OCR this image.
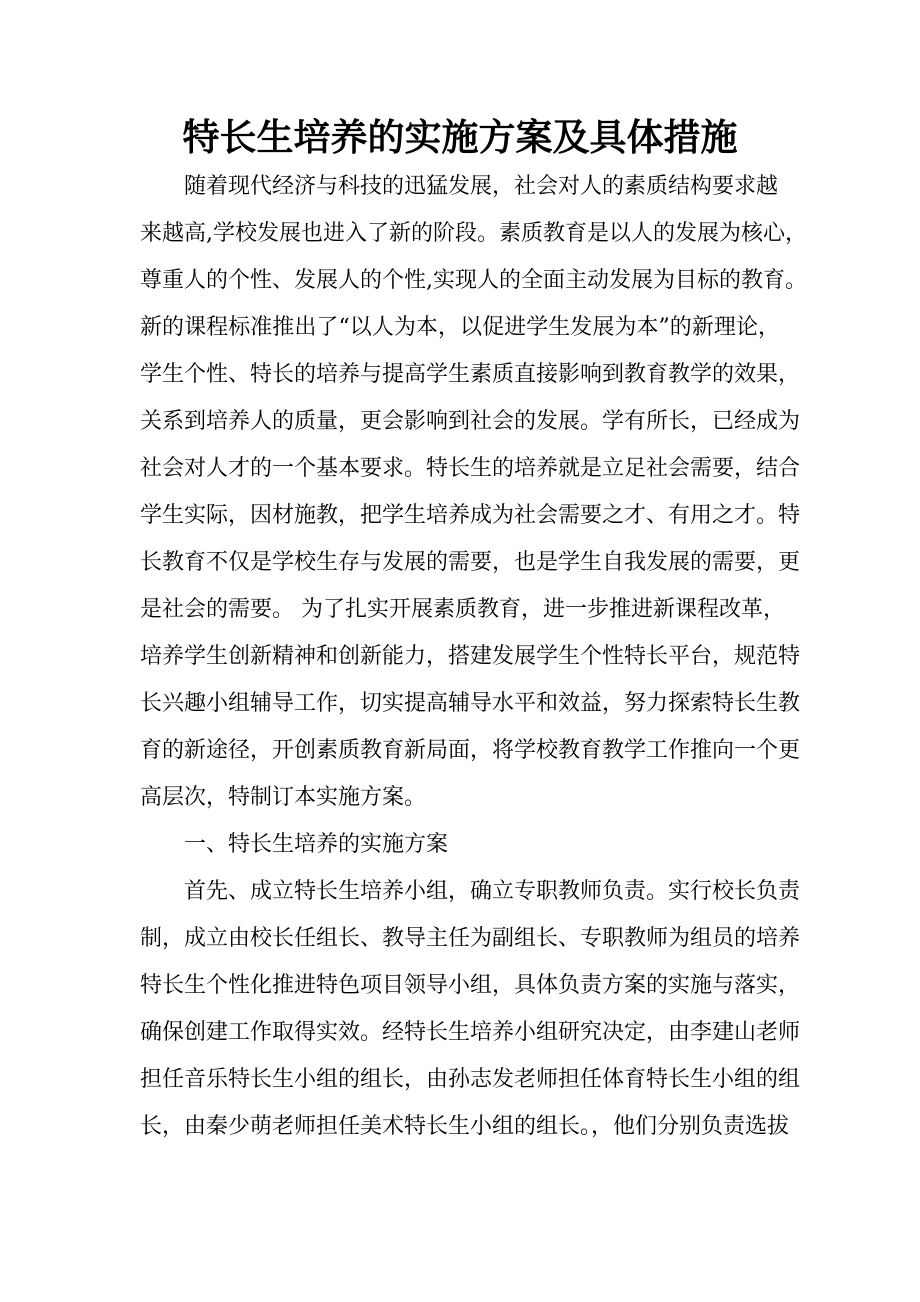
特长生培养的实施方案及具体措施

随着现代经济与科技的迅猛发展，社会对人的素质结构要求越

来越高,学校发展也进入了新的阶段。素质教育是以人的发展为核心，

尊重人的个性、发展人的个性,实现人的全面主动发展为目标的教育。

新的课程标准推出了“以人为本，以促进学生发展为本”的新理论，

学生个性、特长的培养与提高学生素质直接影响到教育教学的效果，

关系到培养人的质量，更会影响到社会的发展。学有所长，已经成为

社会对人才的一个基本要求。特长生的培养就是立足社会需要，结合

学生实际，因材施教，把学生培养成为社会需要之才、有用之才。特

长教育不仅是学校生存与发展的需要，也是学生自我发展的需要，更

是社会的需要。 为了扎实开展素质教育，进一步推进新课程改革，

培养学生创新精神和创新能力，搭建发展学生个性特长平台，规范特

长兴趣小组辅导工作，切实提高辅导水平和效益，努力探索特长生教

育的新途径，开创素质教育新局面，将学校教育教学工作推向一个更

高层次，特制订本实施方案。

一、特长生培养的实施方案

首先、成立特长生培养小组，确立专职教师负责。实行校长负责

制，成立由校长任组长、教导主任为副组长、专职教师为组员的培养

特长生个性化推进特色项目领导小组，具体负责方案的实施与落实，

确保创建工作取得实效。经特长生培养小组研究决定，由李建山老师

担任音乐特长生小组的组长，由孙志发老师担任体育特长生小组的组

长，由秦少萌老师担任美术特长生小组的组长。，他们分别负责选拔
